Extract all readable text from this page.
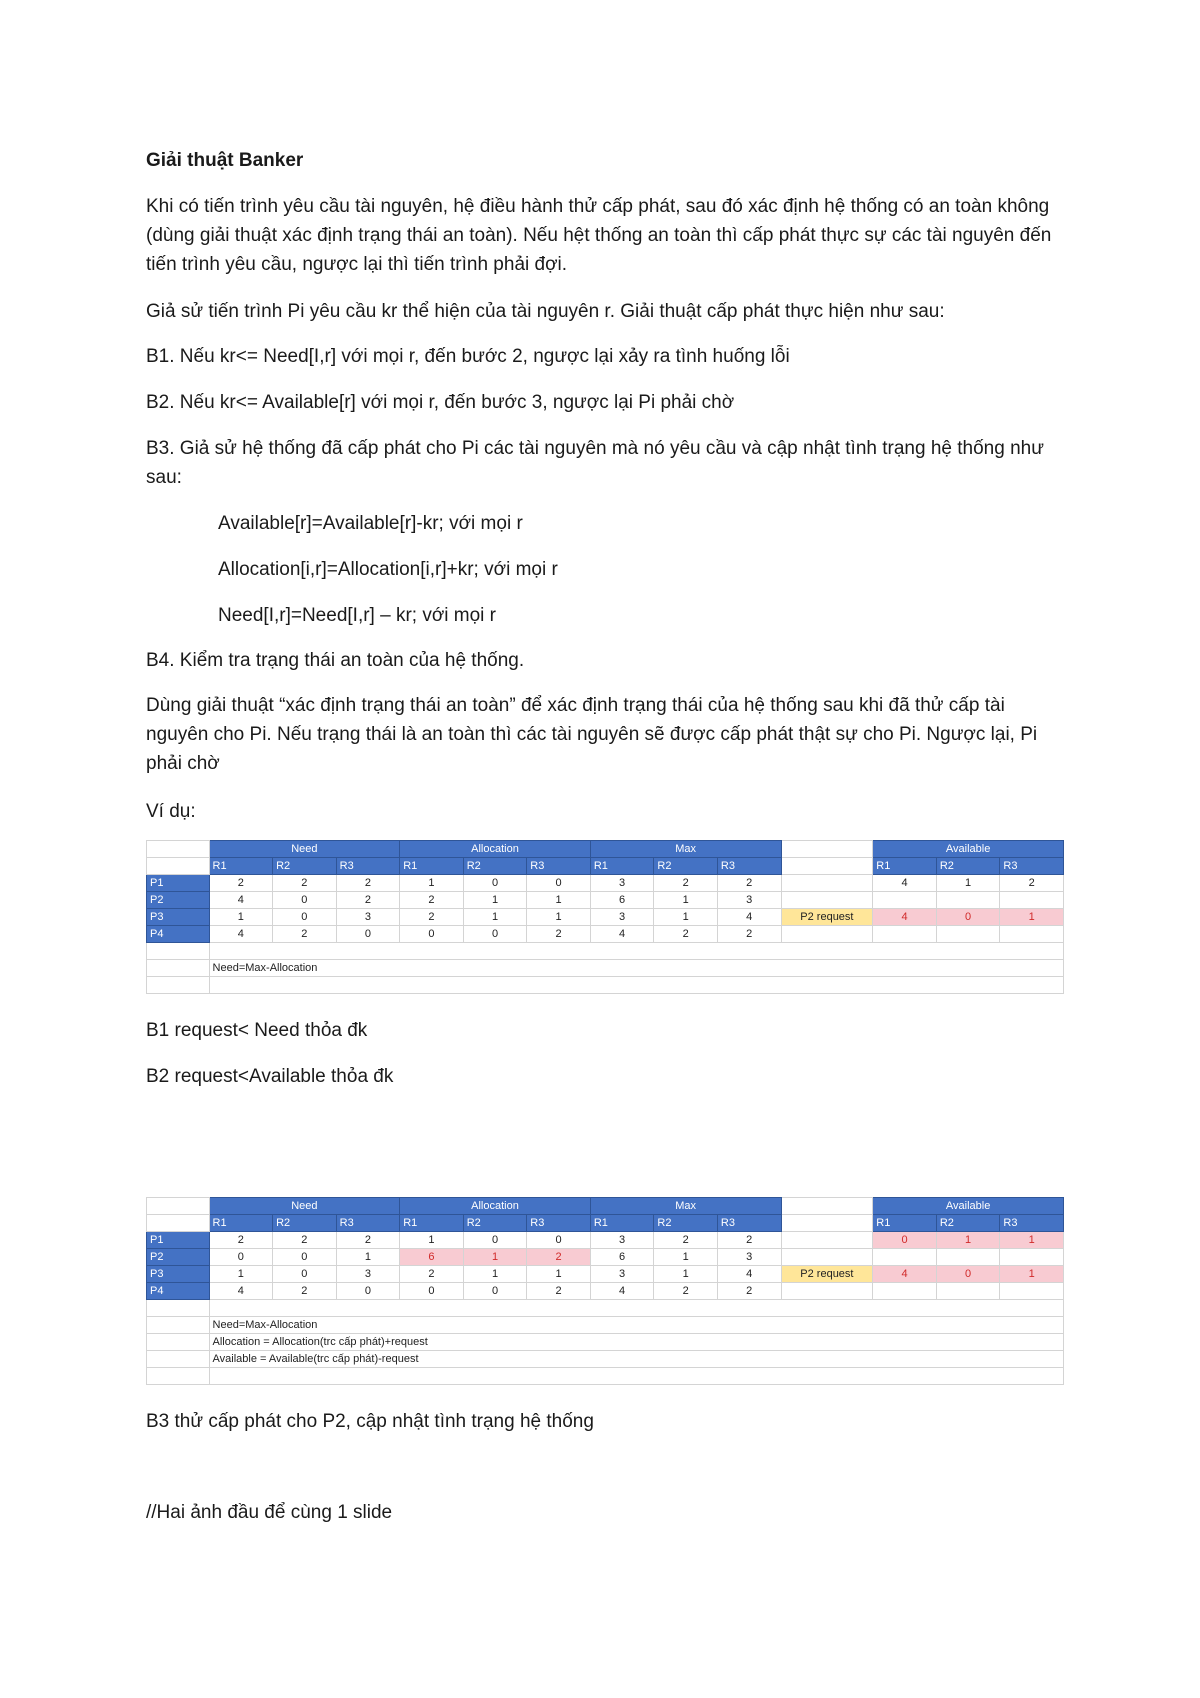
Giải thuật Banker

Khi có tiến trình yêu cầu tài nguyên, hệ điều hành thử cấp phát, sau đó xác định hệ thống có an toàn không (dùng giải thuật xác định trạng thái an toàn). Nếu hệt thống an toàn thì cấp phát thực sự các tài nguyên đến tiến trình yêu cầu, ngược lại thì tiến trình phải đợi.

Giả sử tiến trình Pi yêu cầu kr thể hiện của tài nguyên r. Giải thuật cấp phát thực hiện như sau:

B1. Nếu kr<= Need[I,r] với mọi r, đến bước 2, ngược lại xảy ra tình huống lỗi

B2. Nếu kr<= Available[r] với mọi r, đến bước 3, ngược lại Pi phải chờ

B3. Giả sử hệ thống đã cấp phát cho Pi các tài nguyên mà nó yêu cầu và cập nhật tình trạng hệ thống như sau:

Available[r]=Available[r]-kr; với mọi r

Allocation[i,r]=Allocation[i,r]+kr; với mọi r

Need[I,r]=Need[I,r] – kr; với mọi r

B4. Kiểm tra trạng thái an toàn của hệ thống.

Dùng giải thuật “xác định trạng thái an toàn” để xác định trạng thái của hệ thống sau khi đã thử cấp tài nguyên cho Pi. Nếu trạng thái là an toàn thì các tài nguyên sẽ được cấp phát thật sự cho Pi. Ngược lại, Pi phải chờ

Ví dụ:

	Need			Allocation			Max				Available		
	R1	R2	R3	R1	R2	R3	R1	R2	R3		R1	R2	R3
P1	2	2	2	1	0	0	3	2	2		4	1	2
P2	4	0	2	2	1	1	6	1	3				
P3	1	0	3	2	1	1	3	1	4	P2 request	4	0	1
P4	4	2	0	0	0	2	4	2	2				

	Need=Max-Allocation												

B1 request< Need thỏa đk

B2 request<Available thỏa đk

	Need			Allocation			Max				Available		
	R1	R2	R3	R1	R2	R3	R1	R2	R3		R1	R2	R3
P1	2	2	2	1	0	0	3	2	2		0	1	1
P2	0	0	1	6	1	2	6	1	3				
P3	1	0	3	2	1	1	3	1	4	P2 request	4	0	1
P4	4	2	0	0	0	2	4	2	2				

	Need=Max-Allocation												
	Allocation = Allocation(trc cấp phát)+request												
	Available = Available(trc cấp phát)-request												

B3 thử cấp phát cho P2, cập nhật tình trạng hệ thống

//Hai ảnh đầu để cùng 1 slide
